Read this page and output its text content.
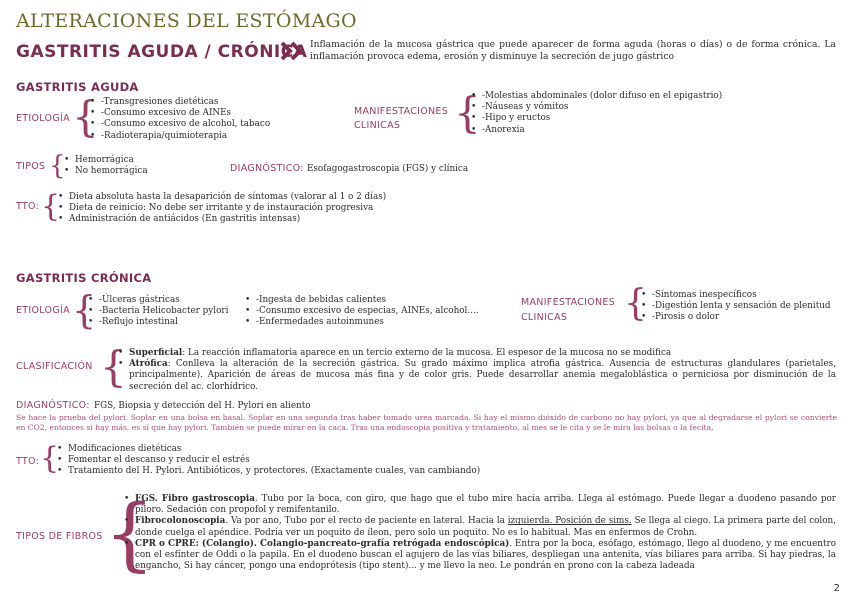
ALTERACIONES DEL ESTÓMAGO
GASTRITIS AGUDA / CRÓNICA Inflamación de la mucosa gástrica que puede aparecer de forma aguda (horas o días) o de forma crónica. La inflamación provoca edema, erosión y disminuye la secreción de jugo gástrico
GASTRITIS AGUDA
ETIOLOGÍA { • -Transgresiones dietéticas
• -Consumo excesivo de AINEs
• -Consumo excesivo de alcohol, tabaco
• -Radioterapia/quimioterapia
MANIFESTACIONES
CLINICAS { • -Molestias abdominales (dolor difuso en el epigastrio)
• -Náuseas y vómitos
• -Hipo y eructos
• -Anorexia
TIPOS {	• Hemorrágica
• No hemorrágica	DIAGNÓSTICO: Esofagogastroscopia (FGS) y clínica
TTO: {	• Dieta absoluta hasta la desaparición de síntomas (valorar al 1 o 2 días)
• Dieta de reinicio: No debe ser irritante y de instauración progresiva
• Administración de antiácidos (En gastritis intensas)
GASTRITIS CRÓNICA
ETIOLOGÍA { • -Úlceras gástricas
• -Bacteria Helicobacter pylori
• -Reflujo intestinal
• -Ingesta de bebidas calientes
• -Consumo excesivo de especias, AINEs, alcohol....
• -Enfermedades autoinmunes
MANIFESTACIONES
CLINICAS { • -Síntomas inespecíficos
• -Digestión lenta y sensación de plenitud
• -Pirosis o dolor
CLASIFICACIÓN { • Superficial: La reacción inflamatoria aparece en un tercio externo de la mucosa. El espesor de la mucosa no se modifica
• Atrófica: Conlleva la alteración de la secreción gástrica. Su grado máximo implica atrofia gástrica. Ausencia de estructuras glandulares (parietales, principalmente). Aparición de áreas de mucosa más fina y de color gris. Puede desarrollar anemia megaloblástica o perniciosa por disminución de la secreción del ac. clorhídrico.
DIAGNÓSTICO: FGS, Biopsia y detección del H. Pylori en aliento
Se hace la prueba del pylori. Soplar en una bolsa en basal. Soplar en una segunda tras haber tomado urea marcada. Si hay el mismo dióxido de carbono no hay pylori, ya que al degradarse el pylori se convierte en CO2, entonces si hay más, es sí que hay pylori. También se puede mirar en la caca. Tras una endoscopia positiva y tratamiento, al mes se le cita y se le mira las bolsas o la fecita,
TTO: {	• Modificaciones dietéticas
• Fomentar el descanso y reducir el estrés
• Tratamiento del H. Pylori. Antibióticos, y protectores. (Exactamente cuales, van cambiando)
TIPOS DE FIBROS {
• FGS. Fibro gastroscopia. Tubo por la boca, con giro, que hago que el tubo mire hacia arriba. Llega al estómago. Puede llegar a duodeno pasando por píloro. Sedación con propofol y remifentanilo.
• Fibrocolonoscopia. Va por ano, Tubo por el recto de paciente en lateral. Hacia la izquierda. Posición de sims. Se llega al ciego. La primera parte del colon, donde cuelga el apéndice. Podría ver un poquito de íleon, pero solo un poquito. No es lo habitual. Mas en enfermos de Crohn.
• CPR o CPRE: (Colangio). Colangio-pancreato-grafía retrógada endoscópica). Entra por la boca, esófago, estómago, llego al duodeno, y me encuentro con el esfínter de Oddi o la papila. En el duodeno buscan el agujero de las vías biliares, despliegan una antenita, vías biliares para arriba. Si hay piedras, la engancho, Si hay cáncer, pongo una endoprótesis (tipo stent)... y me llevo la neo. Le pondrán en prono con la cabeza ladeada
2
